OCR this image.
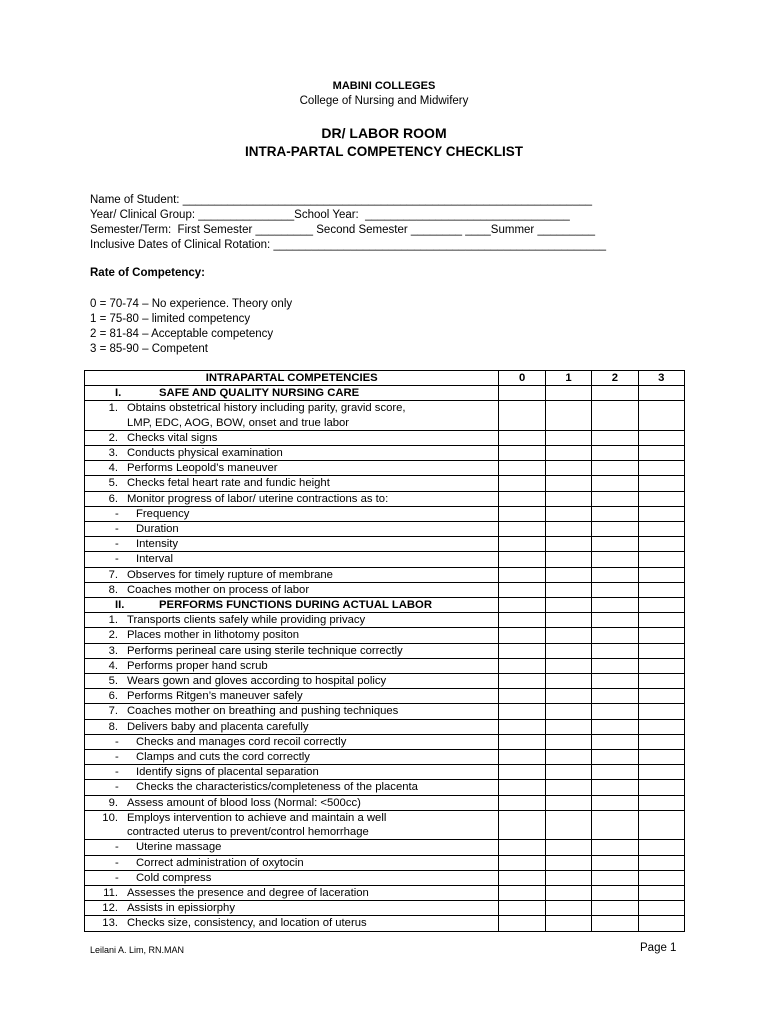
MABINI COLLEGES
College of Nursing and Midwifery
DR/ LABOR ROOM
INTRA-PARTAL COMPETENCY CHECKLIST
Name of Student: ________________________________________________________________
Year/ Clinical Group: _______________School Year:  ________________________________
Semester/Term:  First Semester _________ Second Semester ________ ____Summer _________
Inclusive Dates of Clinical Rotation: ____________________________________________________
Rate of Competency:
0 = 70-74 – No experience. Theory only
1 = 75-80 – limited competency
2 = 81-84 – Acceptable competency
3 = 85-90 – Competent
INTRAPARTAL COMPETENCIES	0	1	2	3

I. SAFE AND QUALITY NURSING CARE				

1. Obtains obstetrical history including parity, gravid score,
LMP, EDC, AOG, BOW, onset and true labor				

2. Checks vital signs				

3. Conducts physical examination				

4. Performs Leopold’s maneuver				

5. Checks fetal heart rate and fundic height				

6. Monitor progress of labor/ uterine contractions as to:				

- Frequency				

- Duration				

- Intensity				

- Interval				

7. Observes for timely rupture of membrane				

8. Coaches mother on process of labor				

II. PERFORMS FUNCTIONS DURING ACTUAL LABOR				

1. Transports clients safely while providing privacy				

2. Places mother in lithotomy positon				

3. Performs perineal care using sterile technique correctly				

4. Performs proper hand scrub				

5. Wears gown and gloves according to hospital policy				

6. Performs Ritgen’s maneuver safely				

7. Coaches mother on breathing and pushing techniques				

8. Delivers baby and placenta carefully				

- Checks and manages cord recoil correctly				

- Clamps and cuts the cord correctly				

- Identify signs of placental separation				

- Checks the characteristics/completeness of the placenta				

9. Assess amount of blood loss (Normal: <500cc)				

10. Employs intervention to achieve and maintain a well
contracted uterus to prevent/control hemorrhage				

- Uterine massage				

- Correct administration of oxytocin				

- Cold compress				

11. Assesses the presence and degree of laceration				

12. Assists in epissiorphy				

13. Checks size, consistency, and location of uterus				

Leilani A. Lim, RN.MAN	Page 1
